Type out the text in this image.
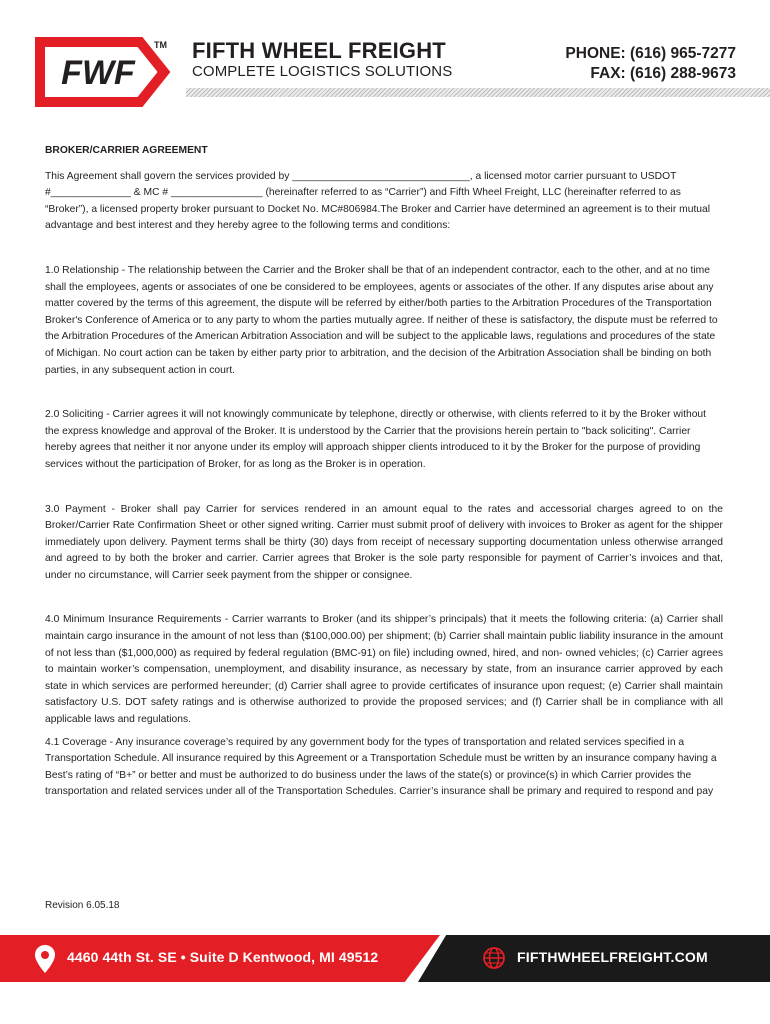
FWF
TM FIFTH WHEEL FREIGHT

COMPLETE LOGISTICS SOLUTIONS

PHONE: (616) 965-7277
FAX: (616) 288-9673

BROKER/CARRIER AGREEMENT

This Agreement shall govern the services provided by _______________________________, a licensed motor carrier pursuant to USDOT #______________ & MC # ________________ (hereinafter referred to as “Carrier”) and Fifth Wheel Freight, LLC (hereinafter referred to as “Broker”), a licensed property broker pursuant to Docket No. MC#806984.The Broker and Carrier have determined an agreement is to their mutual advantage and best interest and they hereby agree to the following terms and conditions:

1.0 Relationship - The relationship between the Carrier and the Broker shall be that of an independent contractor, each to the other, and at no time shall the employees, agents or associates of one be considered to be employees, agents or associates of the other. If any disputes arise about any matter covered by the terms of this agreement, the dispute will be referred by either/both parties to the Arbitration Procedures of the Transportation Broker's Conference of America or to any party to whom the parties mutually agree. If neither of these is satisfactory, the dispute must be referred to the Arbitration Procedures of the American Arbitration Association and will be subject to the applicable laws, regulations and procedures of the state of Michigan. No court action can be taken by either party prior to arbitration, and the decision of the Arbitration Association shall be binding on both parties, in any subsequent action in court.

2.0 Soliciting - Carrier agrees it will not knowingly communicate by telephone, directly or otherwise, with clients referred to it by the Broker without the express knowledge and approval of the Broker. It is understood by the Carrier that the provisions herein pertain to "back soliciting". Carrier hereby agrees that neither it nor anyone under its employ will approach shipper clients introduced to it by the Broker for the purpose of providing services without the participation of Broker, for as long as the Broker is in operation.

3.0 Payment - Broker shall pay Carrier for services rendered in an amount equal to the rates and accessorial charges agreed to on the Broker/Carrier Rate Confirmation Sheet or other signed writing. Carrier must submit proof of delivery with invoices to Broker as agent for the shipper immediately upon delivery. Payment terms shall be thirty (30) days from receipt of necessary supporting documentation unless otherwise arranged and agreed to by both the broker and carrier. Carrier agrees that Broker is the sole party responsible for payment of Carrier’s invoices and that, under no circumstance, will Carrier seek payment from the shipper or consignee.

4.0 Minimum Insurance Requirements - Carrier warrants to Broker (and its shipper’s principals) that it meets the following criteria: (a) Carrier shall maintain cargo insurance in the amount of not less than ($100,000.00) per shipment; (b) Carrier shall maintain public liability insurance in the amount of not less than ($1,000,000) as required by federal regulation (BMC-91) on file) including owned, hired, and non- owned vehicles; (c) Carrier agrees to maintain worker’s compensation, unemployment, and disability insurance, as necessary by state, from an insurance carrier approved by each state in which services are performed hereunder; (d) Carrier shall agree to provide certificates of insurance upon request; (e) Carrier shall maintain satisfactory U.S. DOT safety ratings and is otherwise authorized to provide the proposed services; and (f) Carrier shall be in compliance with all applicable laws and regulations.

4.1 Coverage - Any insurance coverage’s required by any government body for the types of transportation and related services specified in a Transportation Schedule. All insurance required by this Agreement or a Transportation Schedule must be written by an insurance company having a Best’s rating of “B+” or better and must be authorized to do business under the laws of the state(s) or province(s) in which Carrier provides the transportation and related services under all of the Transportation Schedules. Carrier’s insurance shall be primary and required to respond and pay

Revision 6.05.18
4460 44th St. SE • Suite D Kentwood, MI 49512	FIFTHWHEELFREIGHT.COM
